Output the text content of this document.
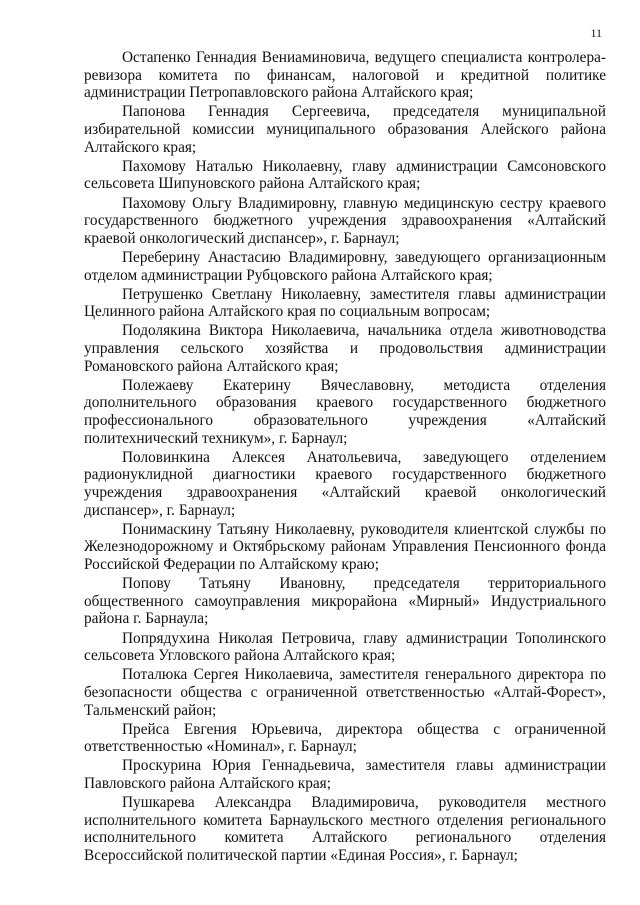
11

Остапенко Геннадия Вениаминовича, ведущего специалиста контролера-ревизора комитета по финансам, налоговой и кредитной политике администрации Петропавловского района Алтайского края;

Папонова Геннадия Сергеевича, председателя муниципальной избирательной комиссии муниципального образования Алейского района Алтайского края;

Пахомову Наталью Николаевну, главу администрации Самсоновского сельсовета Шипуновского района Алтайского края;

Пахомову Ольгу Владимировну, главную медицинскую сестру краевого государственного бюджетного учреждения здравоохранения «Алтайский краевой онкологический диспансер», г. Барнаул;

Переберину Анастасию Владимировну, заведующего организационным отделом администрации Рубцовского района Алтайского края;

Петрушенко Светлану Николаевну, заместителя главы администрации Целинного района Алтайского края по социальным вопросам;

Подолякина Виктора Николаевича, начальника отдела животноводства управления сельского хозяйства и продовольствия администрации Романовского района Алтайского края;

Полежаеву Екатерину Вячеславовну, методиста отделения дополнительного образования краевого государственного бюджетного профессионального образовательного учреждения «Алтайский политехнический техникум», г. Барнаул;

Половинкина Алексея Анатольевича, заведующего отделением радионуклидной диагностики краевого государственного бюджетного учреждения здравоохранения «Алтайский краевой онкологический диспансер», г. Барнаул;

Понимаскину Татьяну Николаевну, руководителя клиентской службы по Железнодорожному и Октябрьскому районам Управления Пенсионного фонда Российской Федерации по Алтайскому краю;

Попову Татьяну Ивановну, председателя территориального общественного самоуправления микрорайона «Мирный» Индустриального района г. Барнаула;

Попрядухина Николая Петровича, главу администрации Тополинского сельсовета Угловского района Алтайского края;

Поталюка Сергея Николаевича, заместителя генерального директора по безопасности общества с ограниченной ответственностью «Алтай-Форест», Тальменский район;

Прейса Евгения Юрьевича, директора общества с ограниченной ответственностью «Номинал», г. Барнаул;

Проскурина Юрия Геннадьевича, заместителя главы администрации Павловского района Алтайского края;

Пушкарева Александра Владимировича, руководителя местного исполнительного комитета Барнаульского местного отделения регионального исполнительного комитета Алтайского регионального отделения Всероссийской политической партии «Единая Россия», г. Барнаул;
